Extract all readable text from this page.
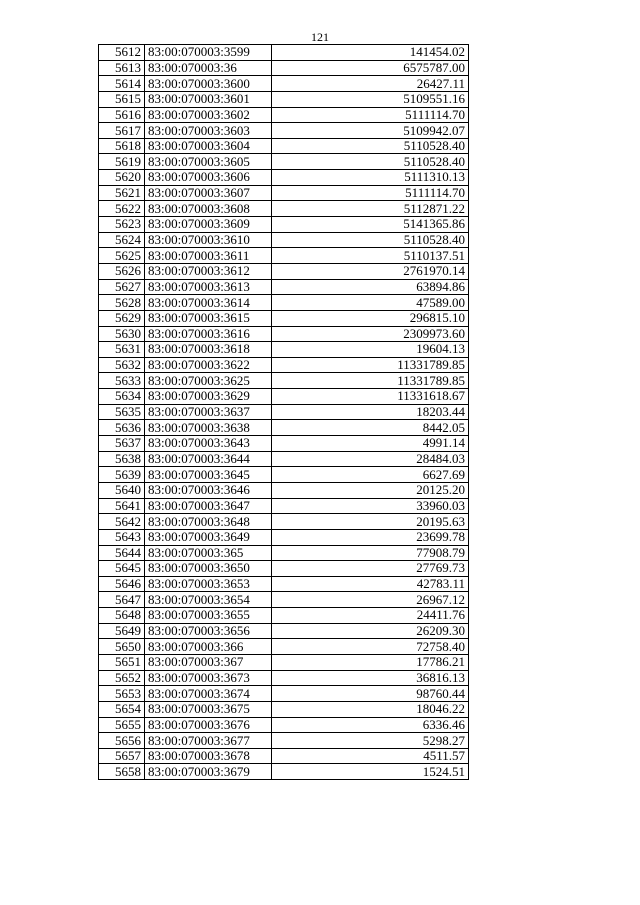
121
5612	83:00:070003:3599	141454.02
5613	83:00:070003:36	6575787.00
5614	83:00:070003:3600	26427.11
5615	83:00:070003:3601	5109551.16
5616	83:00:070003:3602	5111114.70
5617	83:00:070003:3603	5109942.07
5618	83:00:070003:3604	5110528.40
5619	83:00:070003:3605	5110528.40
5620	83:00:070003:3606	5111310.13
5621	83:00:070003:3607	5111114.70
5622	83:00:070003:3608	5112871.22
5623	83:00:070003:3609	5141365.86
5624	83:00:070003:3610	5110528.40
5625	83:00:070003:3611	5110137.51
5626	83:00:070003:3612	2761970.14
5627	83:00:070003:3613	63894.86
5628	83:00:070003:3614	47589.00
5629	83:00:070003:3615	296815.10
5630	83:00:070003:3616	2309973.60
5631	83:00:070003:3618	19604.13
5632	83:00:070003:3622	11331789.85
5633	83:00:070003:3625	11331789.85
5634	83:00:070003:3629	11331618.67
5635	83:00:070003:3637	18203.44
5636	83:00:070003:3638	8442.05
5637	83:00:070003:3643	4991.14
5638	83:00:070003:3644	28484.03
5639	83:00:070003:3645	6627.69
5640	83:00:070003:3646	20125.20
5641	83:00:070003:3647	33960.03
5642	83:00:070003:3648	20195.63
5643	83:00:070003:3649	23699.78
5644	83:00:070003:365	77908.79
5645	83:00:070003:3650	27769.73
5646	83:00:070003:3653	42783.11
5647	83:00:070003:3654	26967.12
5648	83:00:070003:3655	24411.76
5649	83:00:070003:3656	26209.30
5650	83:00:070003:366	72758.40
5651	83:00:070003:367	17786.21
5652	83:00:070003:3673	36816.13
5653	83:00:070003:3674	98760.44
5654	83:00:070003:3675	18046.22
5655	83:00:070003:3676	6336.46
5656	83:00:070003:3677	5298.27
5657	83:00:070003:3678	4511.57
5658	83:00:070003:3679	1524.51
